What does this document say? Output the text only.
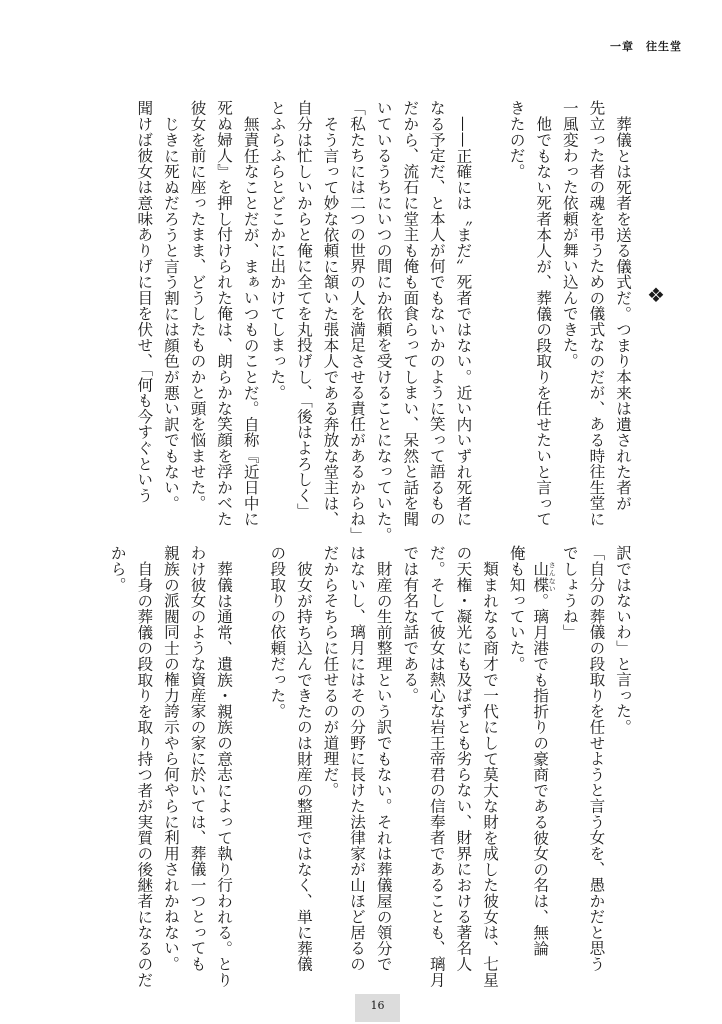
一章　往生堂
❖
葬儀とは死者を送る儀式だ。つまり本来は遺された者が
先立った者の魂を弔うための儀式なのだが、ある時往生堂に
一風変わった依頼が舞い込んできた。
他でもない死者本人が、葬儀の段取りを任せたいと言って
きたのだ。
——正確には〝まだ〟死者ではない。近い内いずれ死者に
なる予定だ、と本人が何でもないかのように笑って語るもの
だから、流石に堂主も俺も面食らってしまい、呆然と話を聞
いているうちにいつの間にか依頼を受けることになっていた。
「私たちには二つの世界の人を満足させる責任があるからね」
そう言って妙な依頼に頷いた張本人である奔放な堂主は、
自分は忙しいからと俺に全てを丸投げし、「後はよろしく」
とふらふらとどこかに出かけてしまった。
無責任なことだが、まぁいつものことだ。自称『近日中に
死ぬ婦人』を押し付けられた俺は、朗らかな笑顔を浮かべた
彼女を前に座ったまま、どうしたものかと頭を悩ませた。
じきに死ぬだろうと言う割には顔色が悪い訳でもない。
聞けば彼女は意味ありげに目を伏せ、「何も今すぐという
訳ではないわ」と言った。
「自分の葬儀の段取りを任せようと言う女を、愚かだと思う
でしょうね」
山楪 さんない。璃月港でも指折りの豪商である彼女の名は、無論
俺も知っていた。
類まれなる商才で一代にして莫大な財を成した彼女は、七星
の天権・凝光にも及ばずとも劣らない、財界における著名人
だ。そして彼女は熱心な岩王帝君の信奉者であることも、璃月
では有名な話である。
財産の生前整理という訳でもない。それは葬儀屋の領分で
はないし、璃月にはその分野に長けた法律家が山ほど居るの
だからそちらに任せるのが道理だ。
彼女が持ち込んできたのは財産の整理ではなく、単に葬儀
の段取りの依頼だった。
葬儀は通常、遺族・親族の意志によって執り行われる。とり
わけ彼女のような資産家の家に於いては、葬儀一つとっても
親族の派閥同士の権力誇示やら何やらに利用されかねない。
自身の葬儀の段取りを取り持つ者が実質の後継者になるのだ
から。
16
